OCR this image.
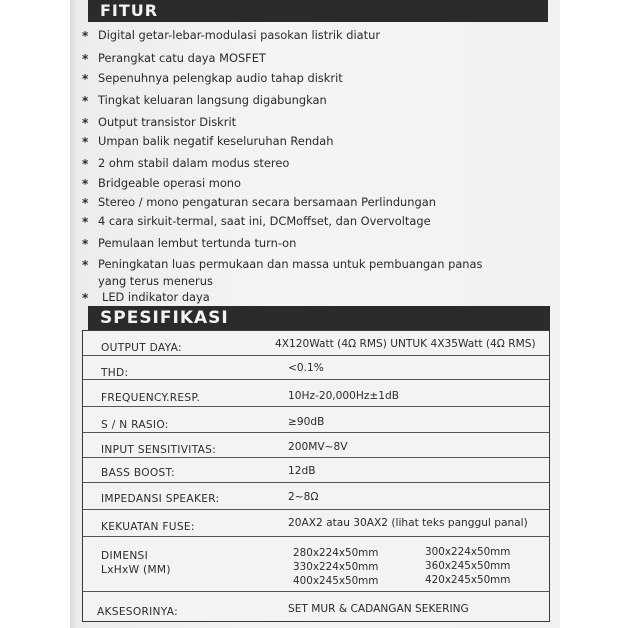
FITUR
* Digital getar-lebar-modulasi pasokan listrik diatur
* Perangkat catu daya MOSFET
* Sepenuhnya pelengkap audio tahap diskrit
* Tingkat keluaran langsung digabungkan
* Output transistor Diskrit
* Umpan balik negatif keseluruhan Rendah
* 2 ohm stabil dalam modus stereo
* Bridgeable operasi mono
* Stereo / mono pengaturan secara bersamaan Perlindungan
* 4 cara sirkuit-termal, saat ini, DCMoffset, dan Overvoltage
* Pemulaan lembut tertunda turn-on
* Peningkatan luas permukaan dan massa untuk pembuangan panas
yang terus menerus
* LED indikator daya
SPESIFIKASI
OUTPUT DAYA:	4X120Watt (4Ω RMS) UNTUK 4X35Watt (4Ω RMS)
THD:	<0.1%
FREQUENCY.RESP.	10Hz-20,000Hz±1dB
S / N RASIO:	≥90dB
INPUT SENSITIVITAS:	200MV~8V
BASS BOOST:	12dB
IMPEDANSI SPEAKER:	2~8Ω
KEKUATAN FUSE:	20AX2 atau 30AX2 (lihat teks panggul panal)
DIMENSI
LxHxW (MM)
280x224x50mm	300x224x50mm
330x224x50mm	360x245x50mm
400x245x50mm	420x245x50mm
AKSESORINYA:	SET MUR & CADANGAN SEKERING
